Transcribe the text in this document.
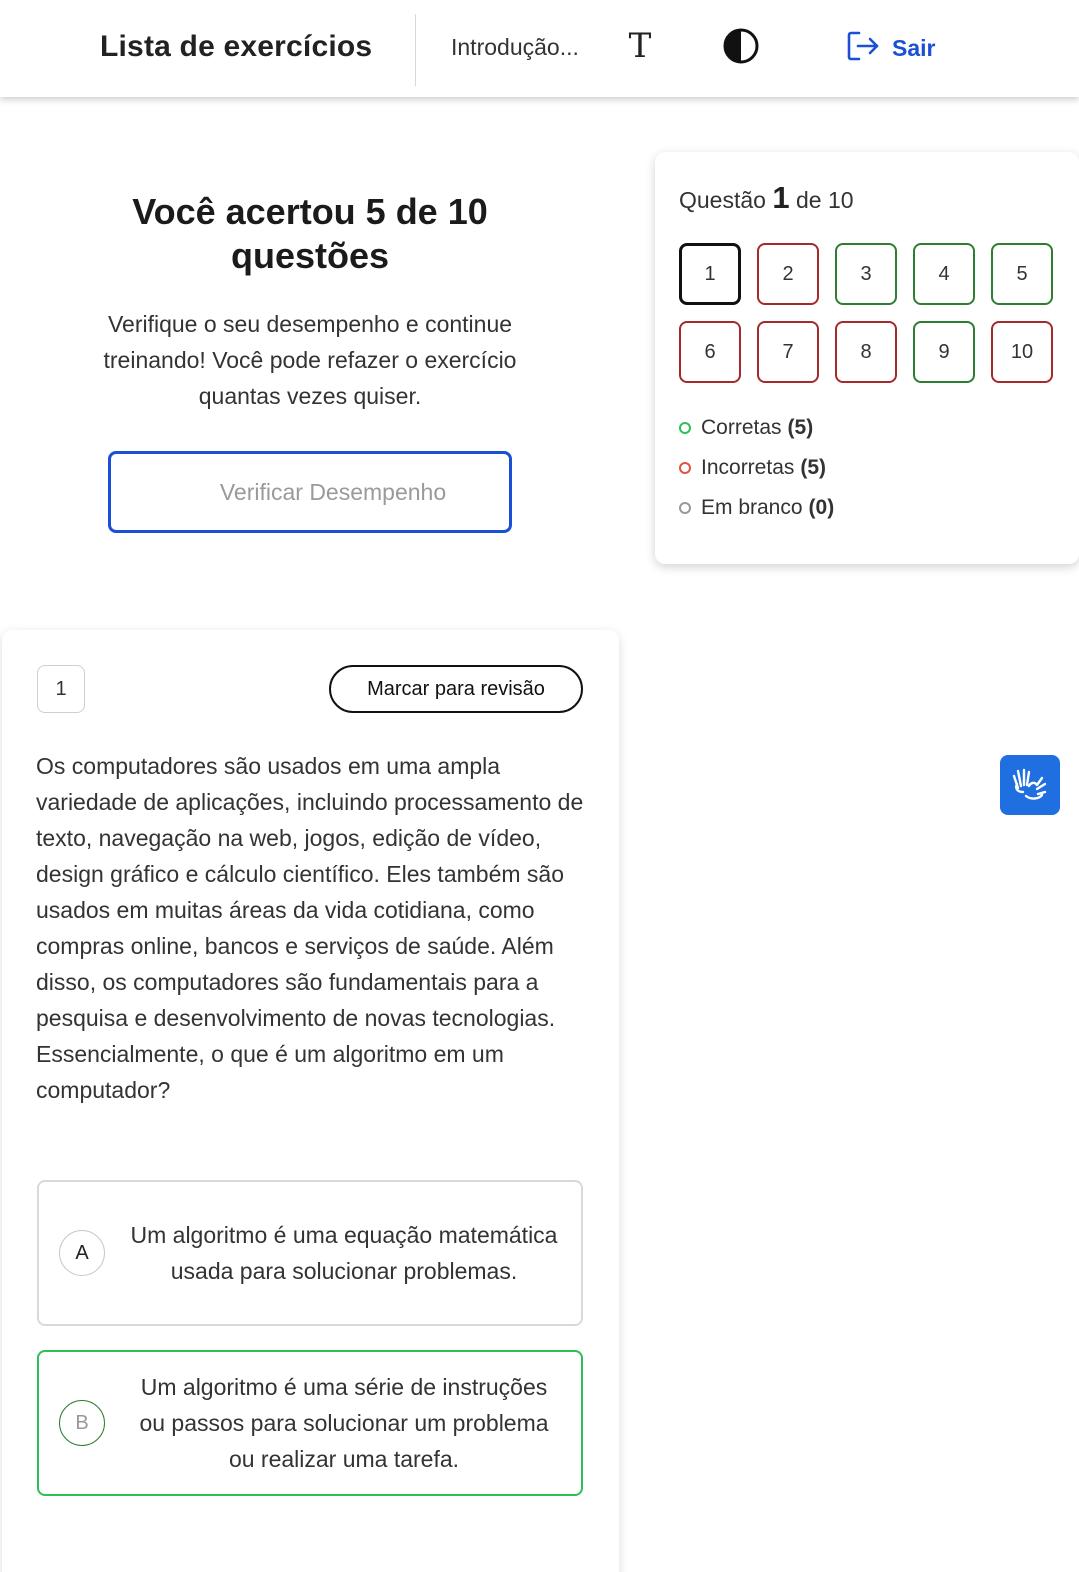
Lista de exercícios	Introdução... T	Sair
Você acertou 5 de 10 questões
Verifique o seu desempenho e continue treinando! Você pode refazer o exercício quantas vezes quiser.
Verificar Desempenho
Questão 1 de 10
1	2	3	4	5
6	7	8	9	10
Corretas (5)
Incorretas (5)
Em branco (0)
1	Marcar para revisão
Os computadores são usados em uma ampla variedade de aplicações, incluindo processamento de texto, navegação na web, jogos, edição de vídeo, design gráfico e cálculo científico. Eles também são usados em muitas áreas da vida cotidiana, como compras online, bancos e serviços de saúde. Além disso, os computadores são fundamentais para a pesquisa e desenvolvimento de novas tecnologias. Essencialmente, o que é um algoritmo em um computador?
A
Um algoritmo é uma equação matemática usada para solucionar problemas.
B
Um algoritmo é uma série de instruções ou passos para solucionar um problema ou realizar uma tarefa.
